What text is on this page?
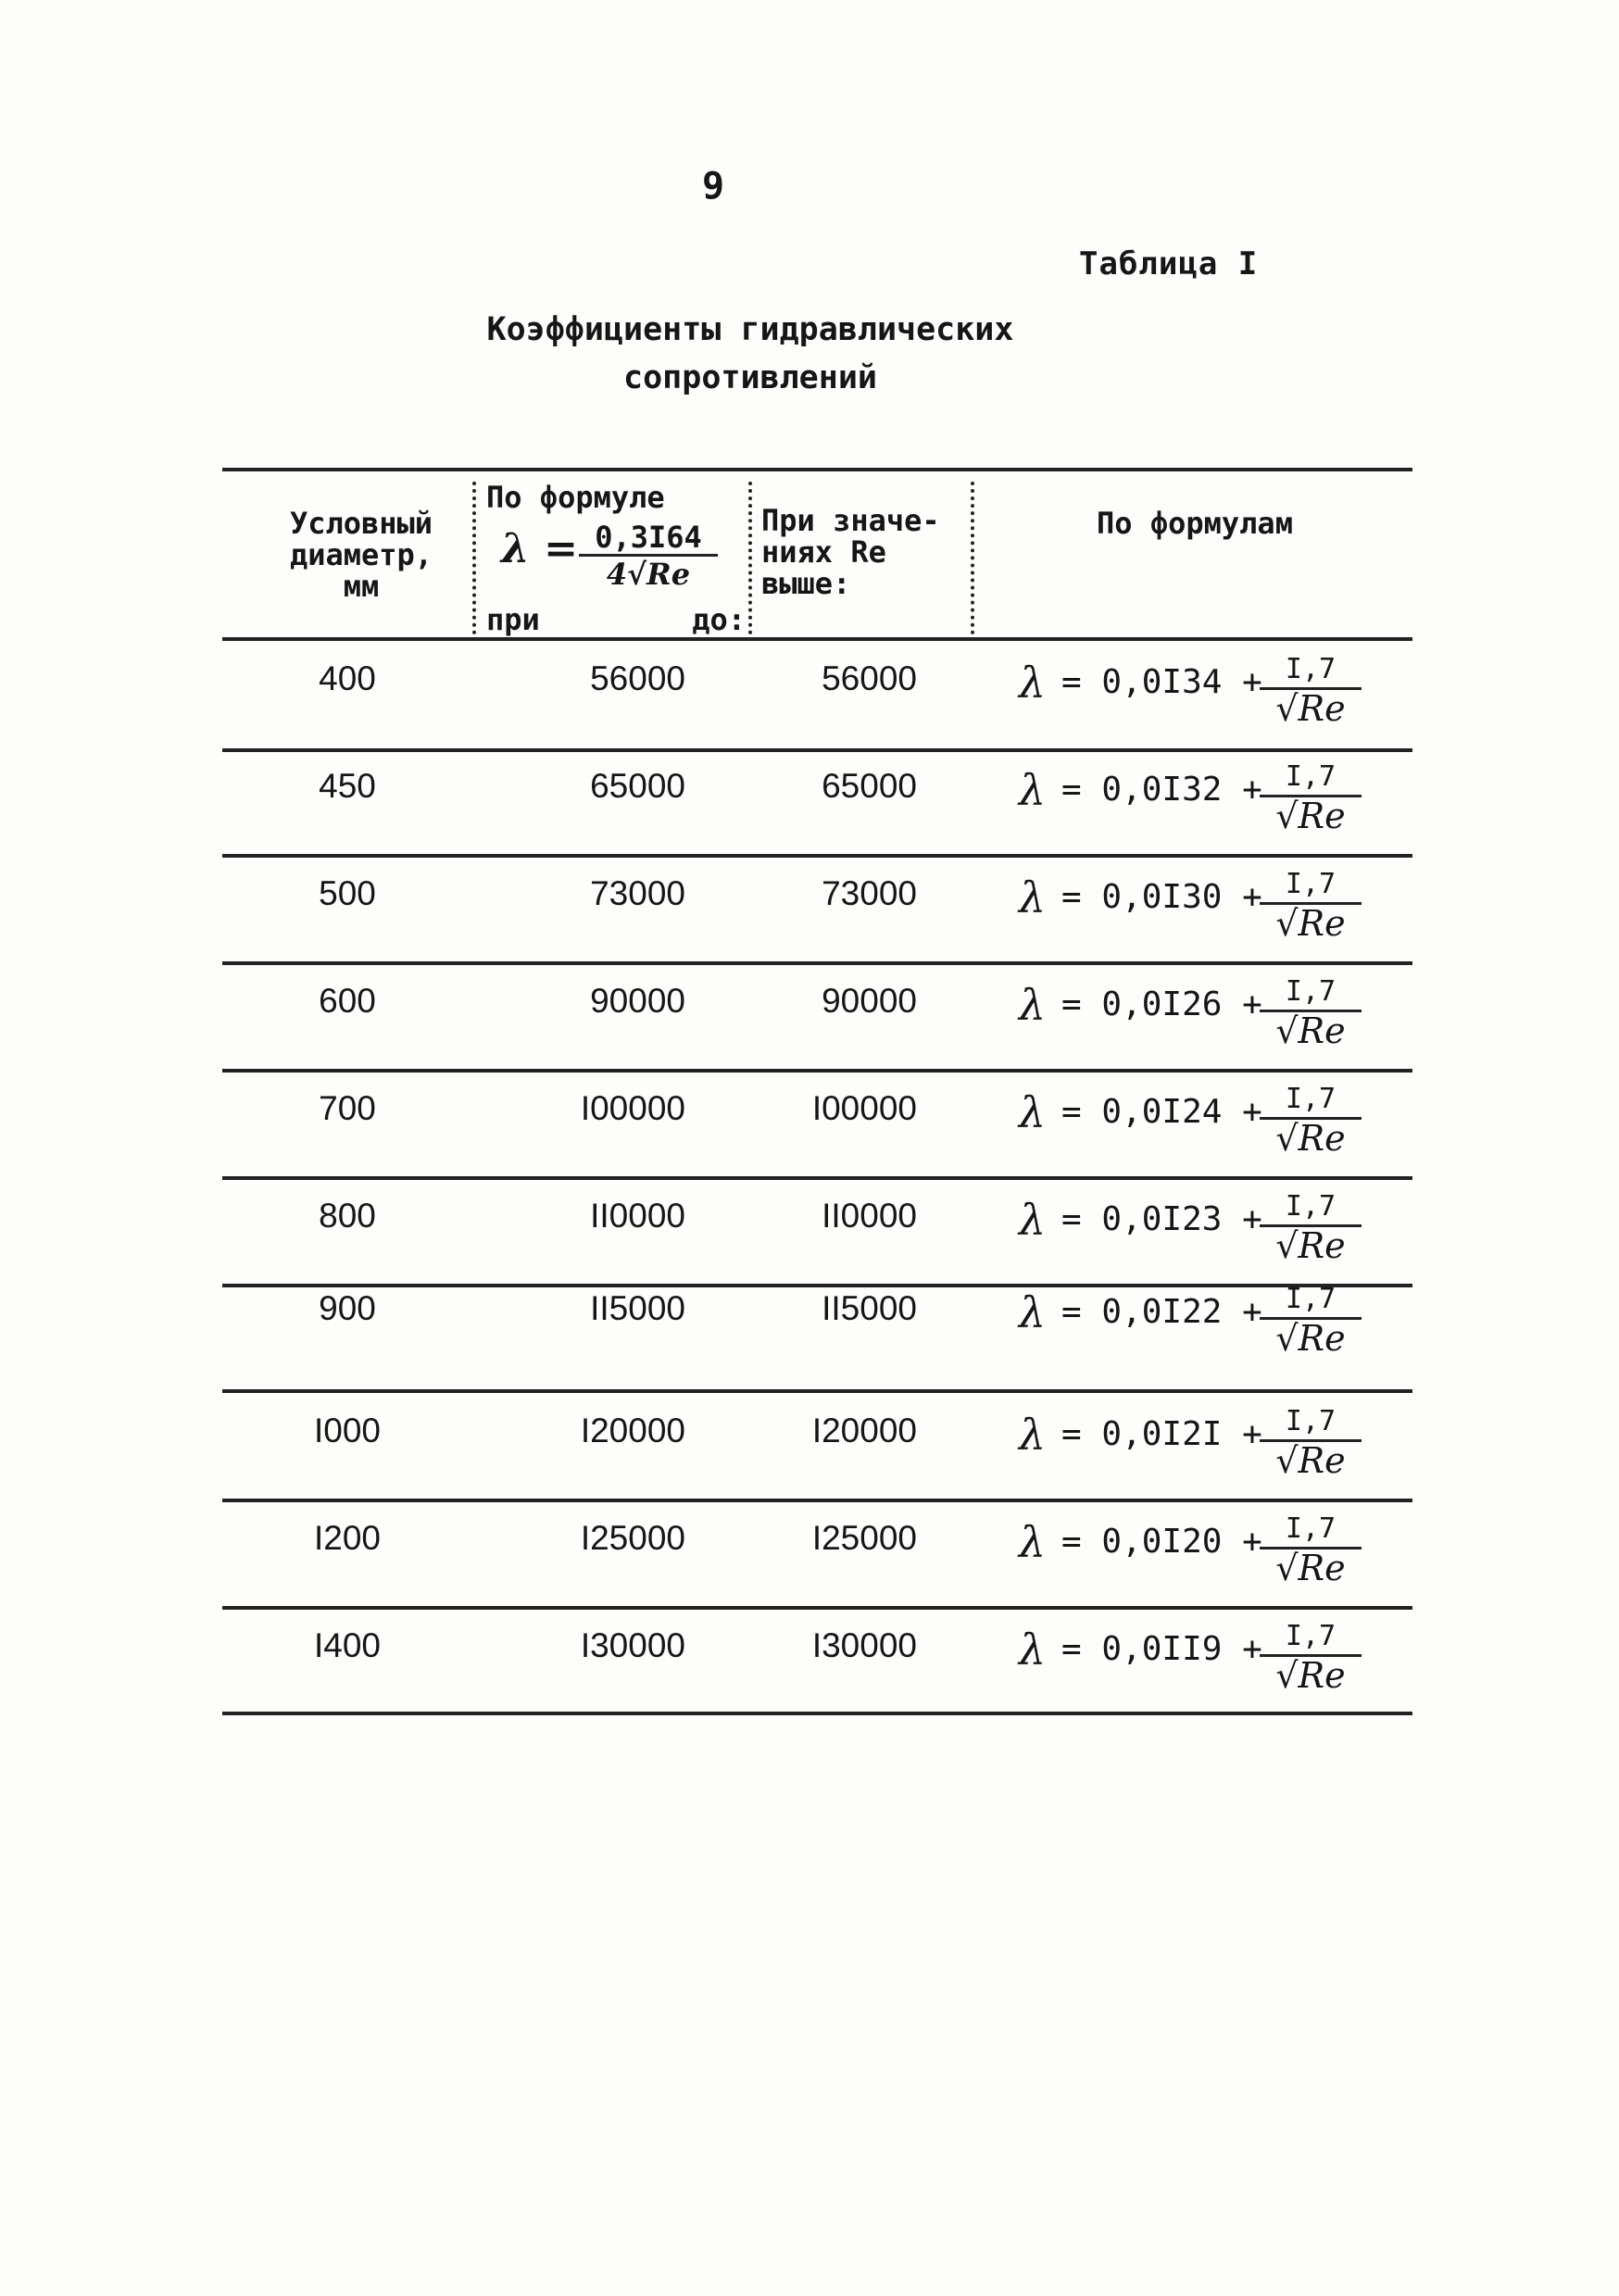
9
Таблица I
Коэффициенты гидравлических
сопротивлений
Условный
диаметр,
мм
По формуле
$\lambda = \frac{0,3I64}{4√Re}$
при	до:
При значе-
ниях Re
выше:
По формулам
400	56000	56000 λ = 0,0I34 + I,7
√Re
450	65000	65000 λ = 0,0I32 + I,7
√Re
500	73000	73000 λ = 0,0I30 + I,7
√Re
600	90000	90000 λ = 0,0I26 + I,7
√Re
700	I00000	I00000 λ = 0,0I24 + I,7
√Re
800	II0000	II0000 λ = 0,0I23 + I,7
√Re
900	II5000	II5000 λ = 0,0I22 + I,7
√Re
I000	I20000	I20000 λ = 0,0I2I + I,7
√Re
I200	I25000	I25000 λ = 0,0I20 + I,7
√Re
I400	I30000	I30000 λ = 0,0II9 + I,7
√Re
